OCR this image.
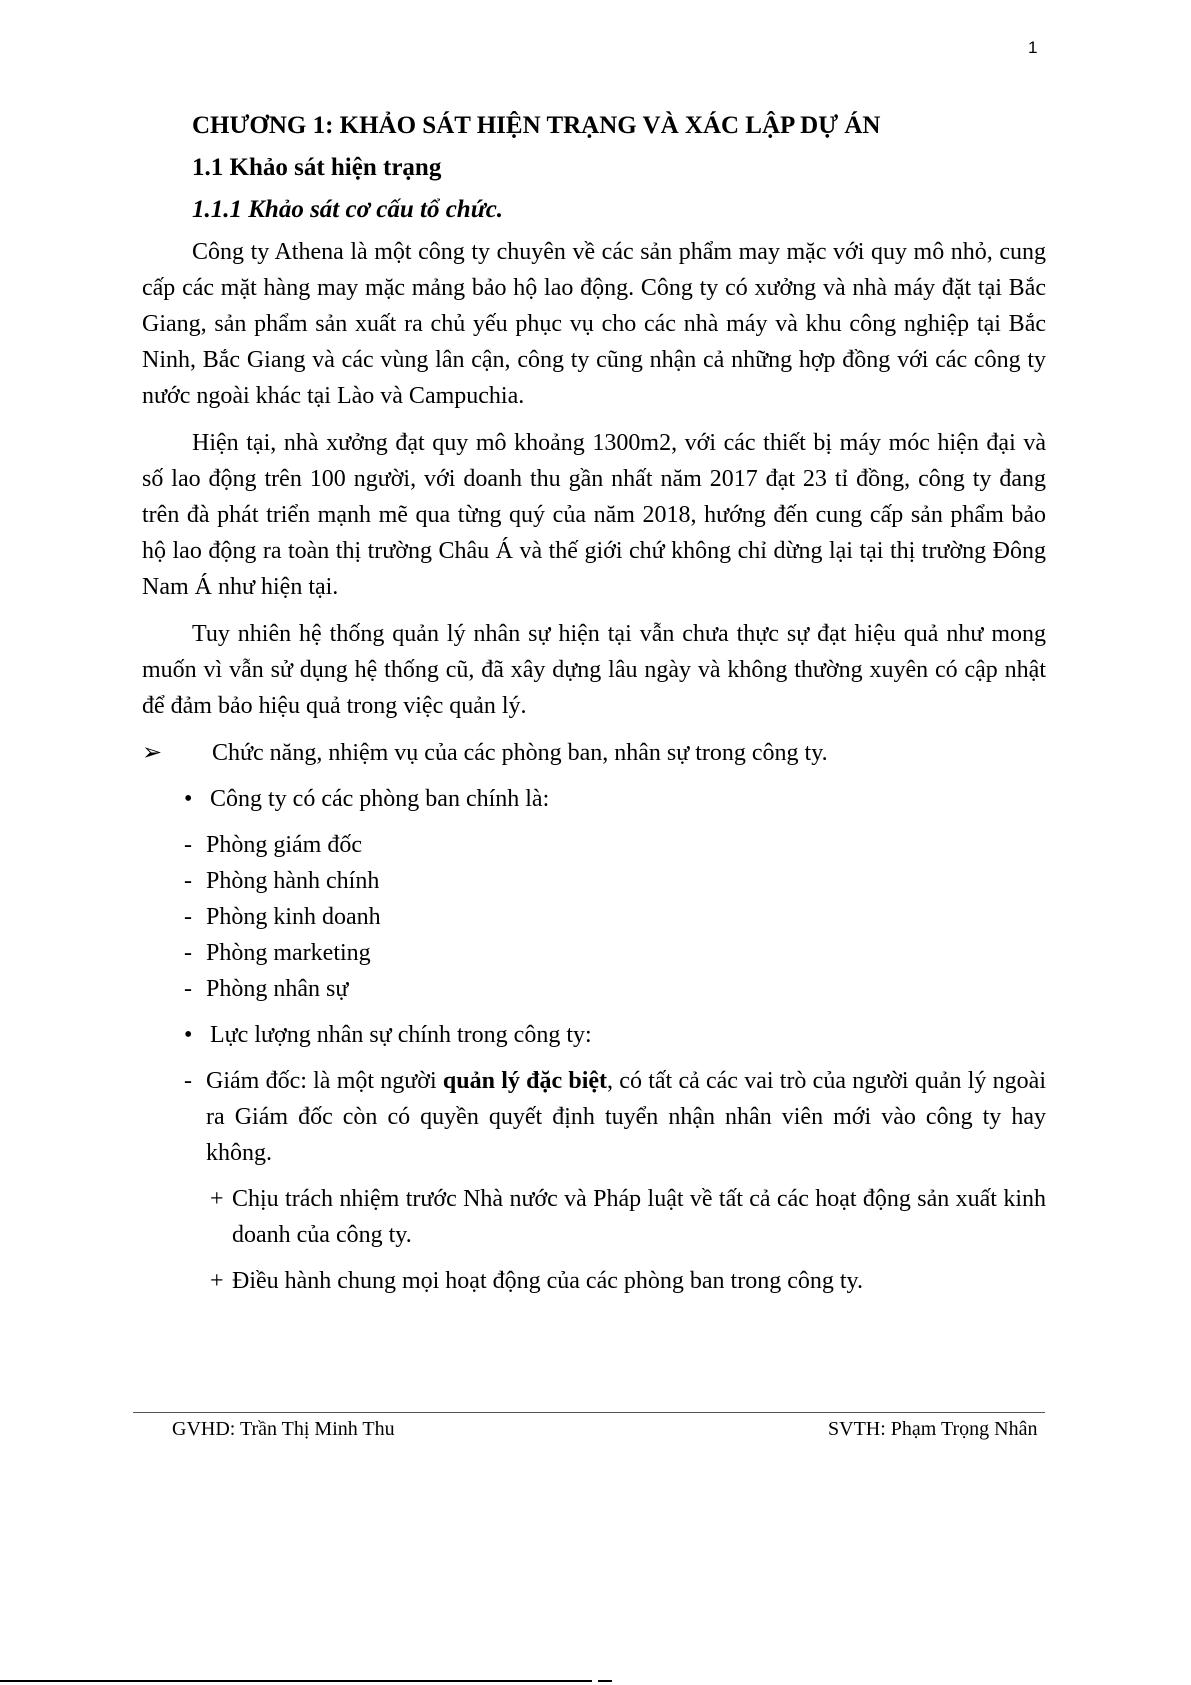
1
CHƯƠNG 1: KHẢO SÁT HIỆN TRẠNG VÀ XÁC LẬP DỰ ÁN
1.1 Khảo sát hiện trạng
1.1.1 Khảo sát cơ cấu tổ chức.

Công ty Athena là một công ty chuyên về các sản phẩm may mặc với quy mô nhỏ, cung cấp các mặt hàng may mặc mảng bảo hộ lao động. Công ty có xưởng và nhà máy đặt tại Bắc Giang, sản phẩm sản xuất ra chủ yếu phục vụ cho các nhà máy và khu công nghiệp tại Bắc Ninh, Bắc Giang và các vùng lân cận, công ty cũng nhận cả những hợp đồng với các công ty nước ngoài khác tại Lào và Campuchia.

Hiện tại, nhà xưởng đạt quy mô khoảng 1300m2, với các thiết bị máy móc hiện đại và số lao động trên 100 người, với doanh thu gần nhất năm 2017 đạt 23 tỉ đồng, công ty đang trên đà phát triển mạnh mẽ qua từng quý của năm 2018, hướng đến cung cấp sản phẩm bảo hộ lao động ra toàn thị trường Châu Á và thế giới chứ không chỉ dừng lại tại thị trường Đông Nam Á như hiện tại.

Tuy nhiên hệ thống quản lý nhân sự hiện tại vẫn chưa thực sự đạt hiệu quả như mong muốn vì vẫn sử dụng hệ thống cũ, đã xây dựng lâu ngày và không thường xuyên có cập nhật để đảm bảo hiệu quả trong việc quản lý.

➢	Chức năng, nhiệm vụ của các phòng ban, nhân sự trong công ty.
• Công ty có các phòng ban chính là:
- Phòng giám đốc
- Phòng hành chính
- Phòng kinh doanh
- Phòng marketing
- Phòng nhân sự
• Lực lượng nhân sự chính trong công ty:
- Giám đốc: là một người quản lý đặc biệt, có tất cả các vai trò của người quản lý ngoài ra Giám đốc còn có quyền quyết định tuyển nhận nhân viên mới vào công ty hay không.
+ Chịu trách nhiệm trước Nhà nước và Pháp luật về tất cả các hoạt động sản xuất kinh doanh của công ty.
+ Điều hành chung mọi hoạt động của các phòng ban trong công ty.
GVHD: Trần Thị Minh Thu	SVTH: Phạm Trọng Nhân
